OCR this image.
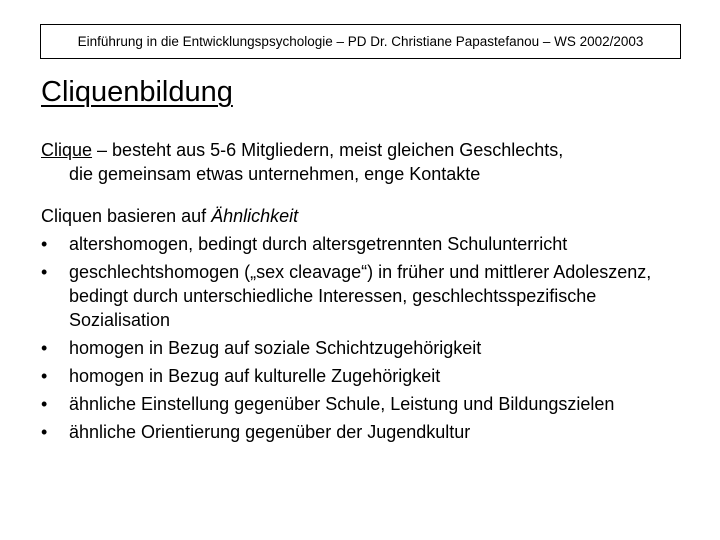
Einführung in die Entwicklungspsychologie – PD Dr. Christiane Papastefanou – WS 2002/2003
Cliquenbildung
Clique – besteht aus 5-6 Mitgliedern, meist gleichen Geschlechts,
die gemeinsam etwas unternehmen, enge Kontakte
Cliquen basieren auf Ähnlichkeit
•	altershomogen, bedingt durch altersgetrennten Schulunterricht
•	geschlechtshomogen („sex cleavage“) in früher und mittlerer Adoleszenz, bedingt durch unterschiedliche Interessen, geschlechtsspezifische Sozialisation
•	homogen in Bezug auf soziale Schichtzugehörigkeit
•	homogen in Bezug auf kulturelle Zugehörigkeit
•	ähnliche Einstellung gegenüber Schule, Leistung und Bildungszielen
•	ähnliche Orientierung gegenüber der Jugendkultur
